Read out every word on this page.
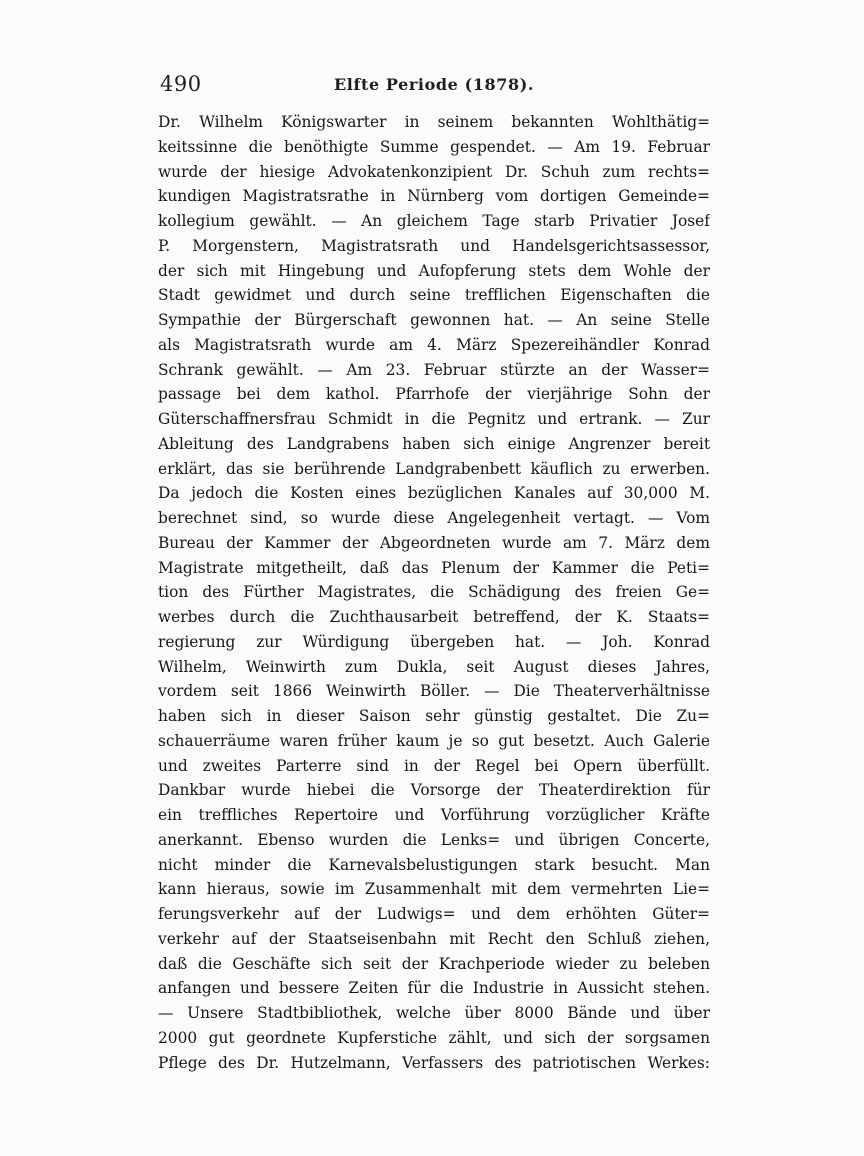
490	Elfte Periode (1878).
Dr. Wilhelm Königswarter in seinem bekannten Wohlthätig=
keitssinne die benöthigte Summe gespendet. — Am 19. Februar
wurde der hiesige Advokatenkonzipient Dr. Schuh zum rechts=
kundigen Magistratsrathe in Nürnberg vom dortigen Gemeinde=
kollegium gewählt. — An gleichem Tage starb Privatier Josef
P. Morgenstern, Magistratsrath und Handelsgerichtsassessor,
der sich mit Hingebung und Aufopferung stets dem Wohle der
Stadt gewidmet und durch seine trefflichen Eigenschaften die
Sympathie der Bürgerschaft gewonnen hat. — An seine Stelle
als Magistratsrath wurde am 4. März Spezereihändler Konrad
Schrank gewählt. — Am 23. Februar stürzte an der Wasser=
passage bei dem kathol. Pfarrhofe der vierjährige Sohn der
Güterschaffnersfrau Schmidt in die Pegnitz und ertrank. — Zur
Ableitung des Landgrabens haben sich einige Angrenzer bereit
erklärt, das sie berührende Landgrabenbett käuflich zu erwerben.
Da jedoch die Kosten eines bezüglichen Kanales auf 30,000 M.
berechnet sind, so wurde diese Angelegenheit vertagt. — Vom
Bureau der Kammer der Abgeordneten wurde am 7. März dem
Magistrate mitgetheilt, daß das Plenum der Kammer die Peti=
tion des Fürther Magistrates, die Schädigung des freien Ge=
werbes durch die Zuchthausarbeit betreffend, der K. Staats=
regierung zur Würdigung übergeben hat. — Joh. Konrad
Wilhelm, Weinwirth zum Dukla, seit August dieses Jahres,
vordem seit 1866 Weinwirth Böller. — Die Theaterverhältnisse
haben sich in dieser Saison sehr günstig gestaltet. Die Zu=
schauerräume waren früher kaum je so gut besetzt. Auch Galerie
und zweites Parterre sind in der Regel bei Opern überfüllt.
Dankbar wurde hiebei die Vorsorge der Theaterdirektion für
ein treffliches Repertoire und Vorführung vorzüglicher Kräfte
anerkannt. Ebenso wurden die Lenks= und übrigen Concerte,
nicht minder die Karnevalsbelustigungen stark besucht. Man
kann hieraus, sowie im Zusammenhalt mit dem vermehrten Lie=
ferungsverkehr auf der Ludwigs= und dem erhöhten Güter=
verkehr auf der Staatseisenbahn mit Recht den Schluß ziehen,
daß die Geschäfte sich seit der Krachperiode wieder zu beleben
anfangen und bessere Zeiten für die Industrie in Aussicht stehen.
— Unsere Stadtbibliothek, welche über 8000 Bände und über
2000 gut geordnete Kupferstiche zählt, und sich der sorgsamen
Pflege des Dr. Hutzelmann, Verfassers des patriotischen Werkes:
